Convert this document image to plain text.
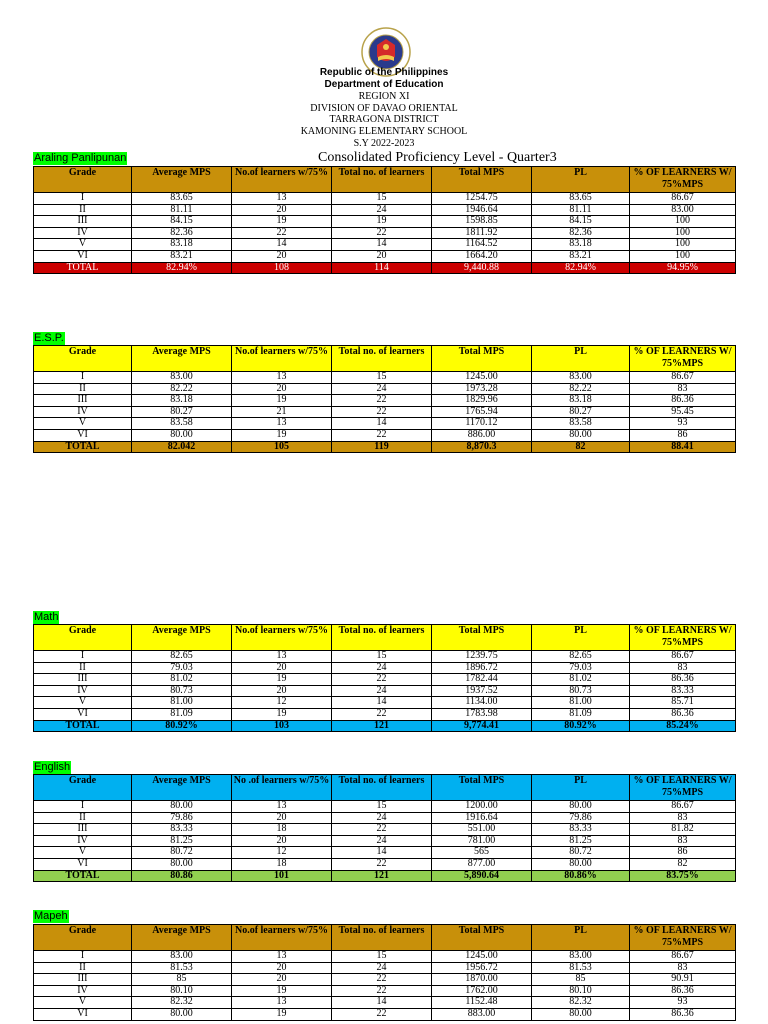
Republic of the Philippines
Department of Education
REGION XI
DIVISION OF DAVAO ORIENTAL
TARRAGONA DISTRICT
KAMONING ELEMENTARY SCHOOL
S.Y 2022-2023
Consolidated Proficiency Level - Quarter3
Araling Panlipunan
E.S.P.
Math
English
Mapeh
Grade	Average MPS	No.of learners w/75%	Total no. of learners	Total MPS	PL	% OF LEARNERS W/ 75%MPS
I	83.65	13	15	1254.75	83.65	86.67
II	81.11	20	24	1946.64	81.11	83.00
III	84.15	19	19	1598.85	84.15	100
IV	82.36	22	22	1811.92	82.36	100
V	83.18	14	14	1164.52	83.18	100
VI	83.21	20	20	1664.20	83.21	100
TOTAL	82.94%	108	114	9,440.88	82.94%	94.95%
Grade	Average MPS	No.of learners w/75%	Total no. of learners	Total MPS	PL	% OF LEARNERS W/ 75%MPS
I	83.00	13	15	1245.00	83.00	86.67
II	82.22	20	24	1973.28	82.22	83
III	83.18	19	22	1829.96	83.18	86.36
IV	80.27	21	22	1765.94	80.27	95.45
V	83.58	13	14	1170.12	83.58	93
VI	80.00	19	22	886.00	80.00	86
TOTAL	82.042	105	119	8,870.3	82	88.41
Grade	Average MPS	No.of learners w/75%	Total no. of learners	Total MPS	PL	% OF LEARNERS W/ 75%MPS
I	82.65	13	15	1239.75	82.65	86.67
II	79.03	20	24	1896.72	79.03	83
III	81.02	19	22	1782.44	81.02	86.36
IV	80.73	20	24	1937.52	80.73	83.33
V	81.00	12	14	1134.00	81.00	85.71
VI	81.09	19	22	1783.98	81.09	86.36
TOTAL	80.92%	103	121	9,774.41	80.92%	85.24%
Grade	Average MPS	No .of learners w/75%	Total no. of learners	Total MPS	PL	% OF LEARNERS W/ 75%MPS
I	80.00	13	15	1200.00	80.00	86.67
II	79.86	20	24	1916.64	79.86	83
III	83.33	18	22	551.00	83.33	81.82
IV	81.25	20	24	781.00	81.25	83
V	80.72	12	14	565	80.72	86
VI	80.00	18	22	877.00	80.00	82
TOTAL	80.86	101	121	5,890.64	80.86%	83.75%
Grade	Average MPS	No.of learners w/75%	Total no. of learners	Total MPS	PL	% OF LEARNERS W/ 75%MPS
I	83.00	13	15	1245.00	83.00	86.67
II	81.53	20	24	1956.72	81.53	83
III	85	20	22	1870.00	85	90.91
IV	80.10	19	22	1762.00	80.10	86.36
V	82.32	13	14	1152.48	82.32	93
VI	80.00	19	22	883.00	80.00	86.36
